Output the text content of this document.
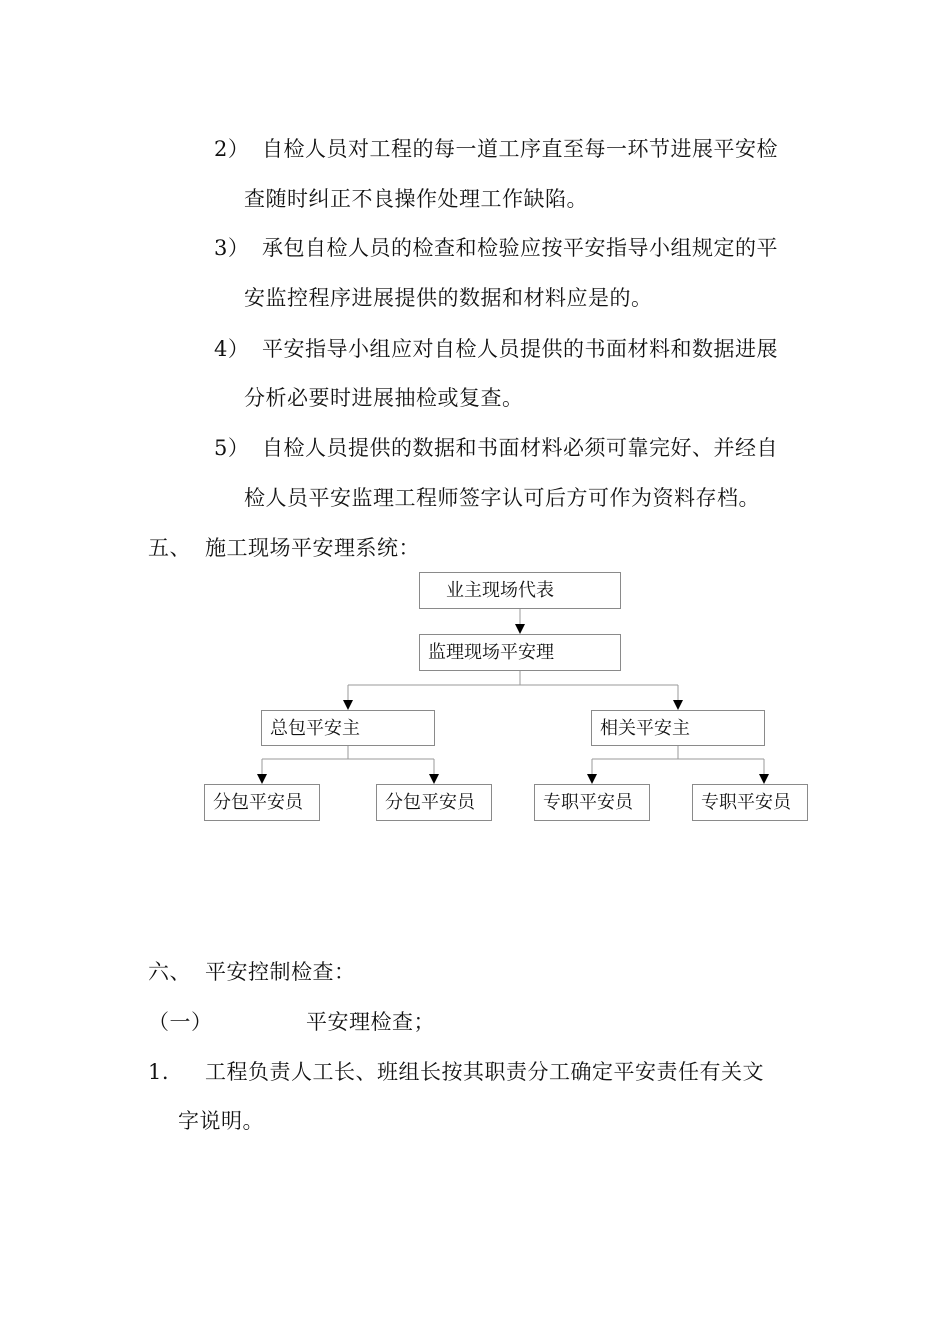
2） 自检人员对工程的每一道工序直至每一环节进展平安检
查随时纠正不良操作处理工作缺陷。
3） 承包自检人员的检查和检验应按平安指导小组规定的平
安监控程序进展提供的数据和材料应是的。
4） 平安指导小组应对自检人员提供的书面材料和数据进展
分析必要时进展抽检或复查。
5） 自检人员提供的数据和书面材料必须可靠完好、并经自
检人员平安监理工程师签字认可后方可作为资料存档。
五、 施工现场平安理系统：
业主现场代表
监理现场平安理
总包平安主	相关平安主
分包平安员	分包平安员	专职平安员	专职平安员
六、 平安控制检查：
（一）	平安理检查；
1. 工程负责人工长、班组长按其职责分工确定平安责任有关文
字说明。
